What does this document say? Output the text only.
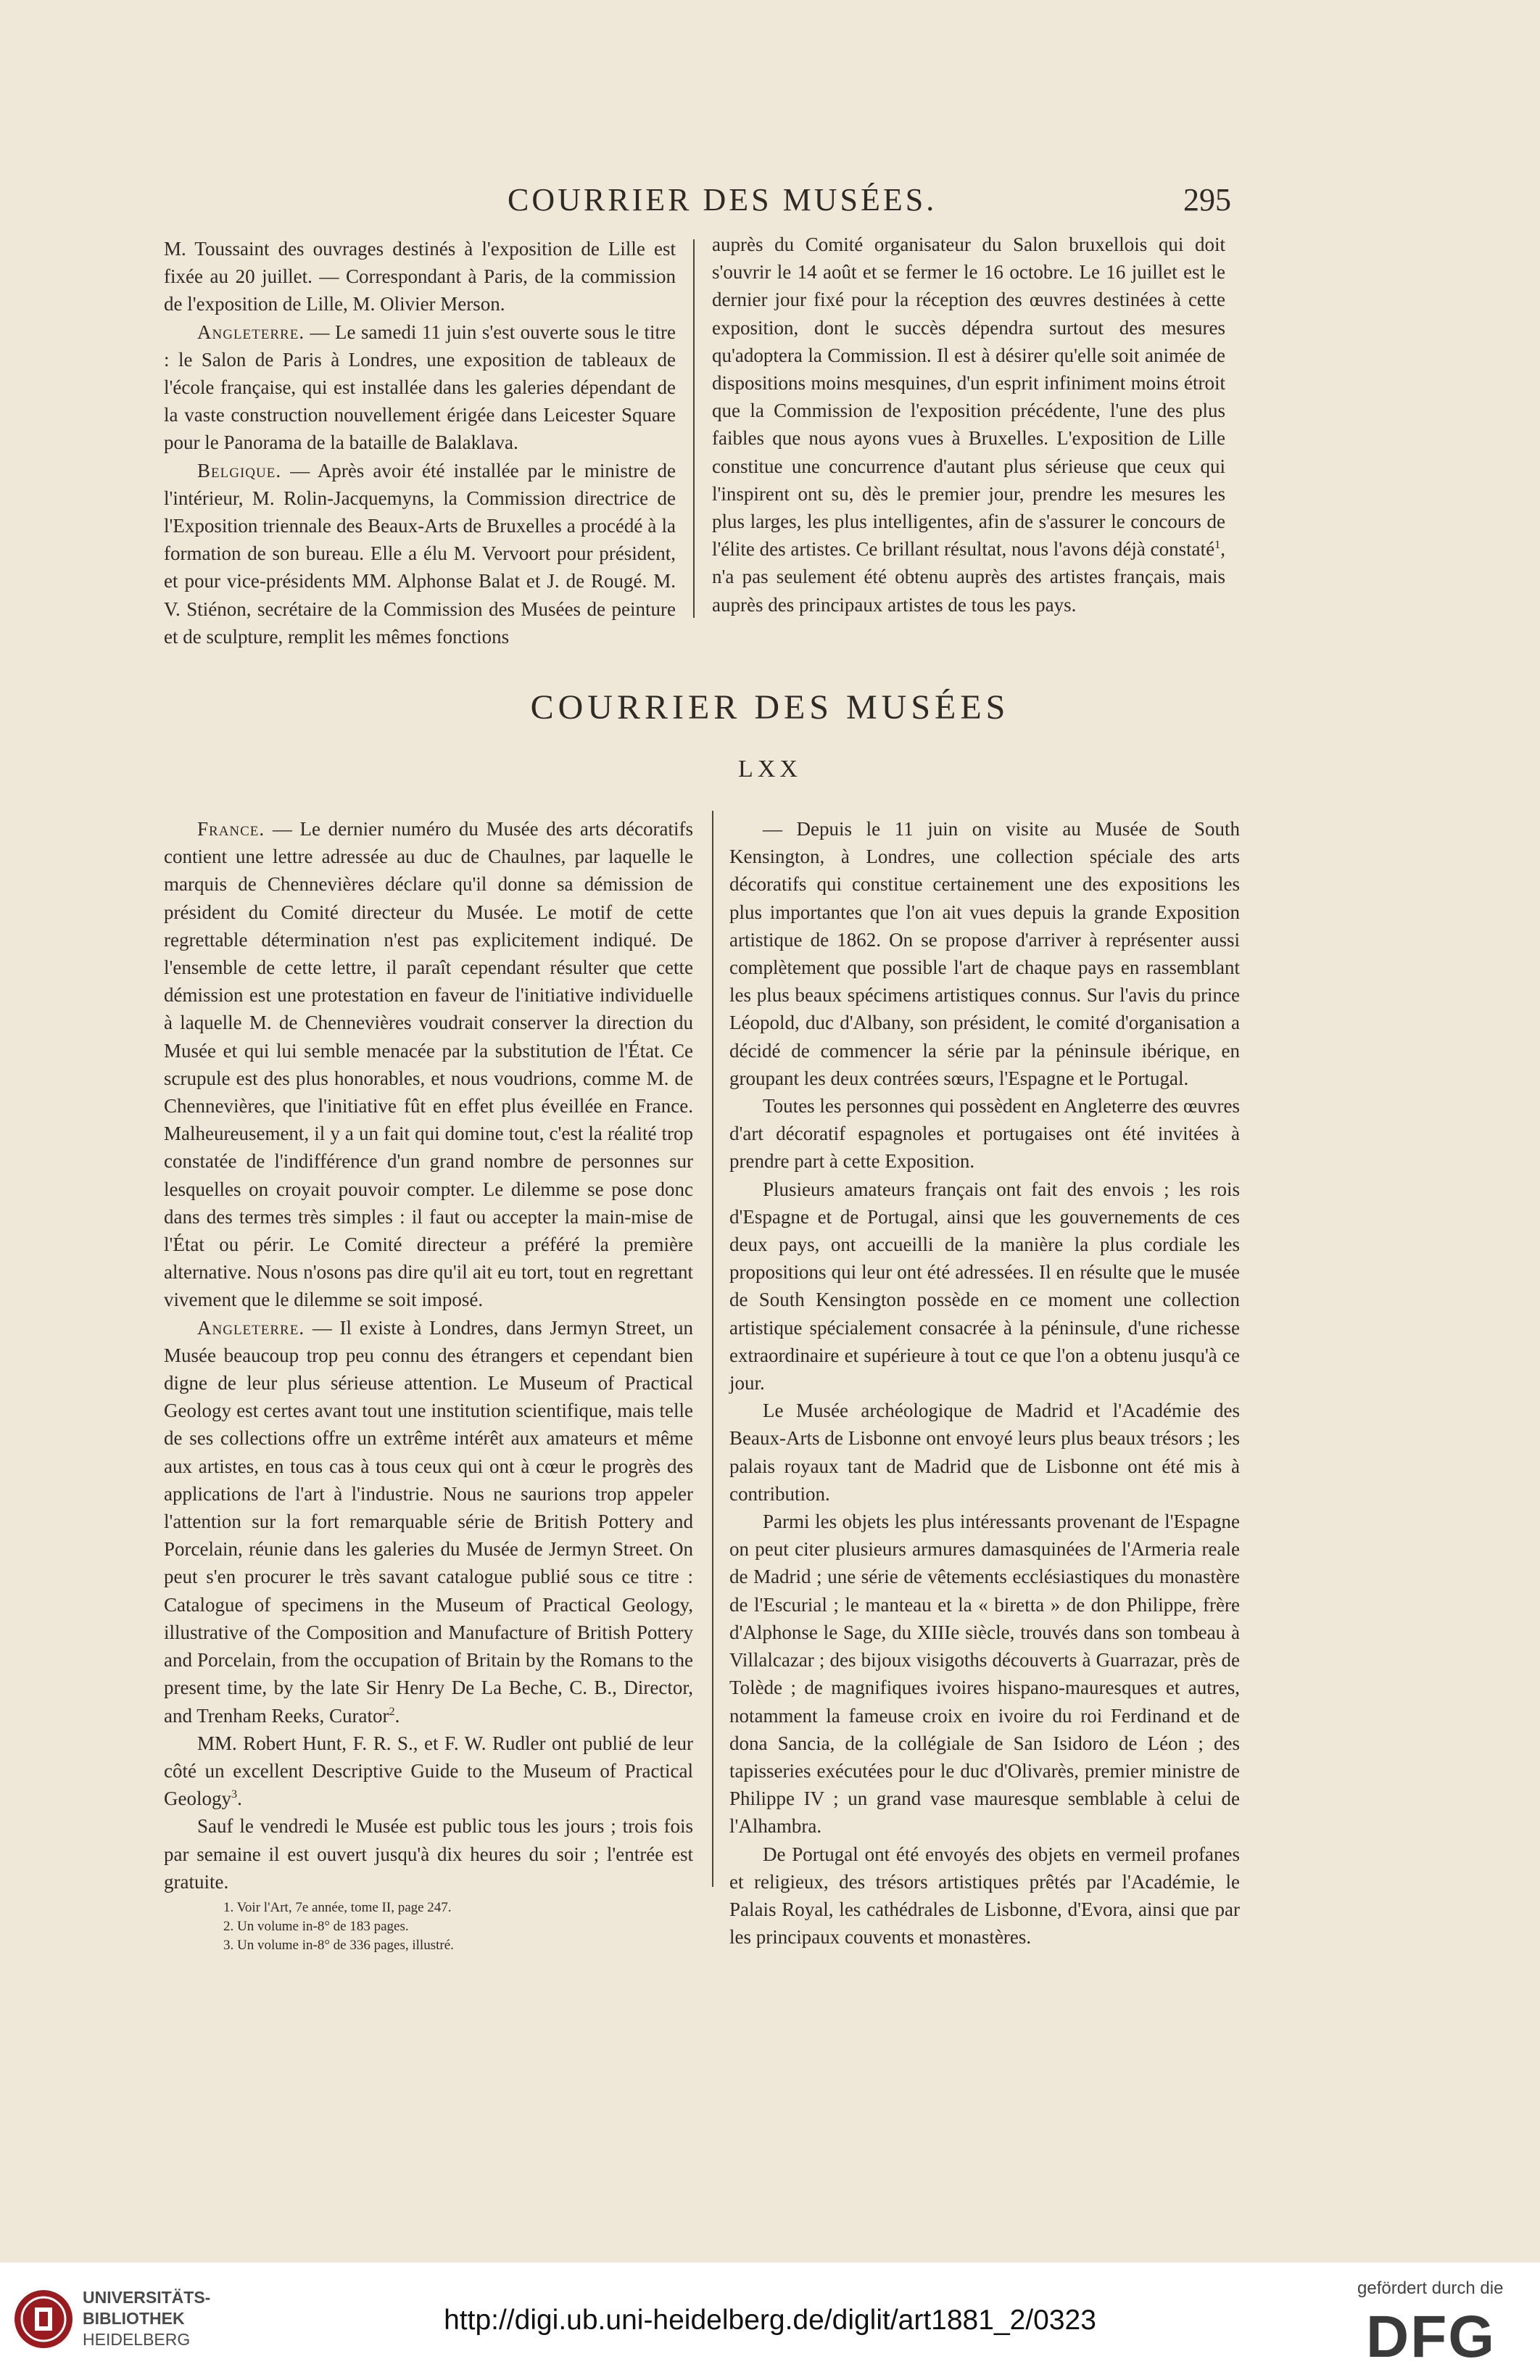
COURRIER DES MUSÉES.	295

M. Toussaint des ouvrages destinés à l'exposition de Lille est fixée au 20 juillet. — Correspondant à Paris, de la commission de l'exposition de Lille, M. Olivier Merson.

Angleterre. — Le samedi 11 juin s'est ouverte sous le titre : le Salon de Paris à Londres, une exposition de tableaux de l'école française, qui est installée dans les galeries dépendant de la vaste construction nouvellement érigée dans Leicester Square pour le Panorama de la bataille de Balaklava.

Belgique. — Après avoir été installée par le ministre de l'intérieur, M. Rolin-Jacquemyns, la Commission directrice de l'Exposition triennale des Beaux-Arts de Bruxelles a procédé à la formation de son bureau. Elle a élu M. Vervoort pour président, et pour vice-présidents MM. Alphonse Balat et J. de Rougé. M. V. Stiénon, secrétaire de la Commission des Musées de peinture et de sculpture, remplit les mêmes fonctions

auprès du Comité organisateur du Salon bruxellois qui doit s'ouvrir le 14 août et se fermer le 16 octobre. Le 16 juillet est le dernier jour fixé pour la réception des œuvres destinées à cette exposition, dont le succès dépendra surtout des mesures qu'adoptera la Commission. Il est à désirer qu'elle soit animée de dispositions moins mesquines, d'un esprit infiniment moins étroit que la Commission de l'exposition précédente, l'une des plus faibles que nous ayons vues à Bruxelles. L'exposition de Lille constitue une concurrence d'autant plus sérieuse que ceux qui l'inspirent ont su, dès le premier jour, prendre les mesures les plus larges, les plus intelligentes, afin de s'assurer le concours de l'élite des artistes. Ce brillant résultat, nous l'avons déjà constaté$^1$, n'a pas seulement été obtenu auprès des artistes français, mais auprès des principaux artistes de tous les pays.

COURRIER DES MUSÉES
LXX

France. — Le dernier numéro du Musée des arts décoratifs contient une lettre adressée au duc de Chaulnes, par laquelle le marquis de Chennevières déclare qu'il donne sa démission de président du Comité directeur du Musée. Le motif de cette regrettable détermination n'est pas explicitement indiqué. De l'ensemble de cette lettre, il paraît cependant résulter que cette démission est une protestation en faveur de l'initiative individuelle à laquelle M. de Chennevières voudrait conserver la direction du Musée et qui lui semble menacée par la substitution de l'État. Ce scrupule est des plus honorables, et nous voudrions, comme M. de Chennevières, que l'initiative fût en effet plus éveillée en France. Malheureusement, il y a un fait qui domine tout, c'est la réalité trop constatée de l'indifférence d'un grand nombre de personnes sur lesquelles on croyait pouvoir compter. Le dilemme se pose donc dans des termes très simples : il faut ou accepter la main-mise de l'État ou périr. Le Comité directeur a préféré la première alternative. Nous n'osons pas dire qu'il ait eu tort, tout en regrettant vivement que le dilemme se soit imposé.

Angleterre. — Il existe à Londres, dans Jermyn Street, un Musée beaucoup trop peu connu des étrangers et cependant bien digne de leur plus sérieuse attention. Le Museum of Practical Geology est certes avant tout une institution scientifique, mais telle de ses collections offre un extrême intérêt aux amateurs et même aux artistes, en tous cas à tous ceux qui ont à cœur le progrès des applications de l'art à l'industrie. Nous ne saurions trop appeler l'attention sur la fort remarquable série de British Pottery and Porcelain, réunie dans les galeries du Musée de Jermyn Street. On peut s'en procurer le très savant catalogue publié sous ce titre : Catalogue of specimens in the Museum of Practical Geology, illustrative of the Composition and Manufacture of British Pottery and Porcelain, from the occupation of Britain by the Romans to the present time, by the late Sir Henry De La Beche, C. B., Director, and Trenham Reeks, Curator$^2$.

MM. Robert Hunt, F. R. S., et F. W. Rudler ont publié de leur côté un excellent Descriptive Guide to the Museum of Practical Geology$^3$.

Sauf le vendredi le Musée est public tous les jours ; trois fois par semaine il est ouvert jusqu'à dix heures du soir ; l'entrée est gratuite.

— Depuis le 11 juin on visite au Musée de South Kensington, à Londres, une collection spéciale des arts décoratifs qui constitue certainement une des expositions les plus importantes que l'on ait vues depuis la grande Exposition artistique de 1862. On se propose d'arriver à représenter aussi complètement que possible l'art de chaque pays en rassemblant les plus beaux spécimens artistiques connus. Sur l'avis du prince Léopold, duc d'Albany, son président, le comité d'organisation a décidé de commencer la série par la péninsule ibérique, en groupant les deux contrées sœurs, l'Espagne et le Portugal.

Toutes les personnes qui possèdent en Angleterre des œuvres d'art décoratif espagnoles et portugaises ont été invitées à prendre part à cette Exposition.

Plusieurs amateurs français ont fait des envois ; les rois d'Espagne et de Portugal, ainsi que les gouvernements de ces deux pays, ont accueilli de la manière la plus cordiale les propositions qui leur ont été adressées. Il en résulte que le musée de South Kensington possède en ce moment une collection artistique spécialement consacrée à la péninsule, d'une richesse extraordinaire et supérieure à tout ce que l'on a obtenu jusqu'à ce jour.

Le Musée archéologique de Madrid et l'Académie des Beaux-Arts de Lisbonne ont envoyé leurs plus beaux trésors ; les palais royaux tant de Madrid que de Lisbonne ont été mis à contribution.

Parmi les objets les plus intéressants provenant de l'Espagne on peut citer plusieurs armures damasquinées de l'Armeria reale de Madrid ; une série de vêtements ecclésiastiques du monastère de l'Escurial ; le manteau et la « biretta » de don Philippe, frère d'Alphonse le Sage, du XIIIe siècle, trouvés dans son tombeau à Villalcazar ; des bijoux visigoths découverts à Guarrazar, près de Tolède ; de magnifiques ivoires hispano-mauresques et autres, notamment la fameuse croix en ivoire du roi Ferdinand et de dona Sancia, de la collégiale de San Isidoro de Léon ; des tapisseries exécutées pour le duc d'Olivarès, premier ministre de Philippe IV ; un grand vase mauresque semblable à celui de l'Alhambra.

De Portugal ont été envoyés des objets en vermeil profanes et religieux, des trésors artistiques prêtés par l'Académie, le Palais Royal, les cathédrales de Lisbonne, d'Evora, ainsi que par les principaux couvents et monastères.

1. Voir l'Art, 7e année, tome II, page 247.
2. Un volume in-8° de 183 pages.
3. Un volume in-8° de 336 pages, illustré.
UNIVERSITÄTS-
BIBLIOTHEK
HEIDELBERG
http://digi.ub.uni-heidelberg.de/diglit/art1881_2/0323
gefördert durch die
DFG
